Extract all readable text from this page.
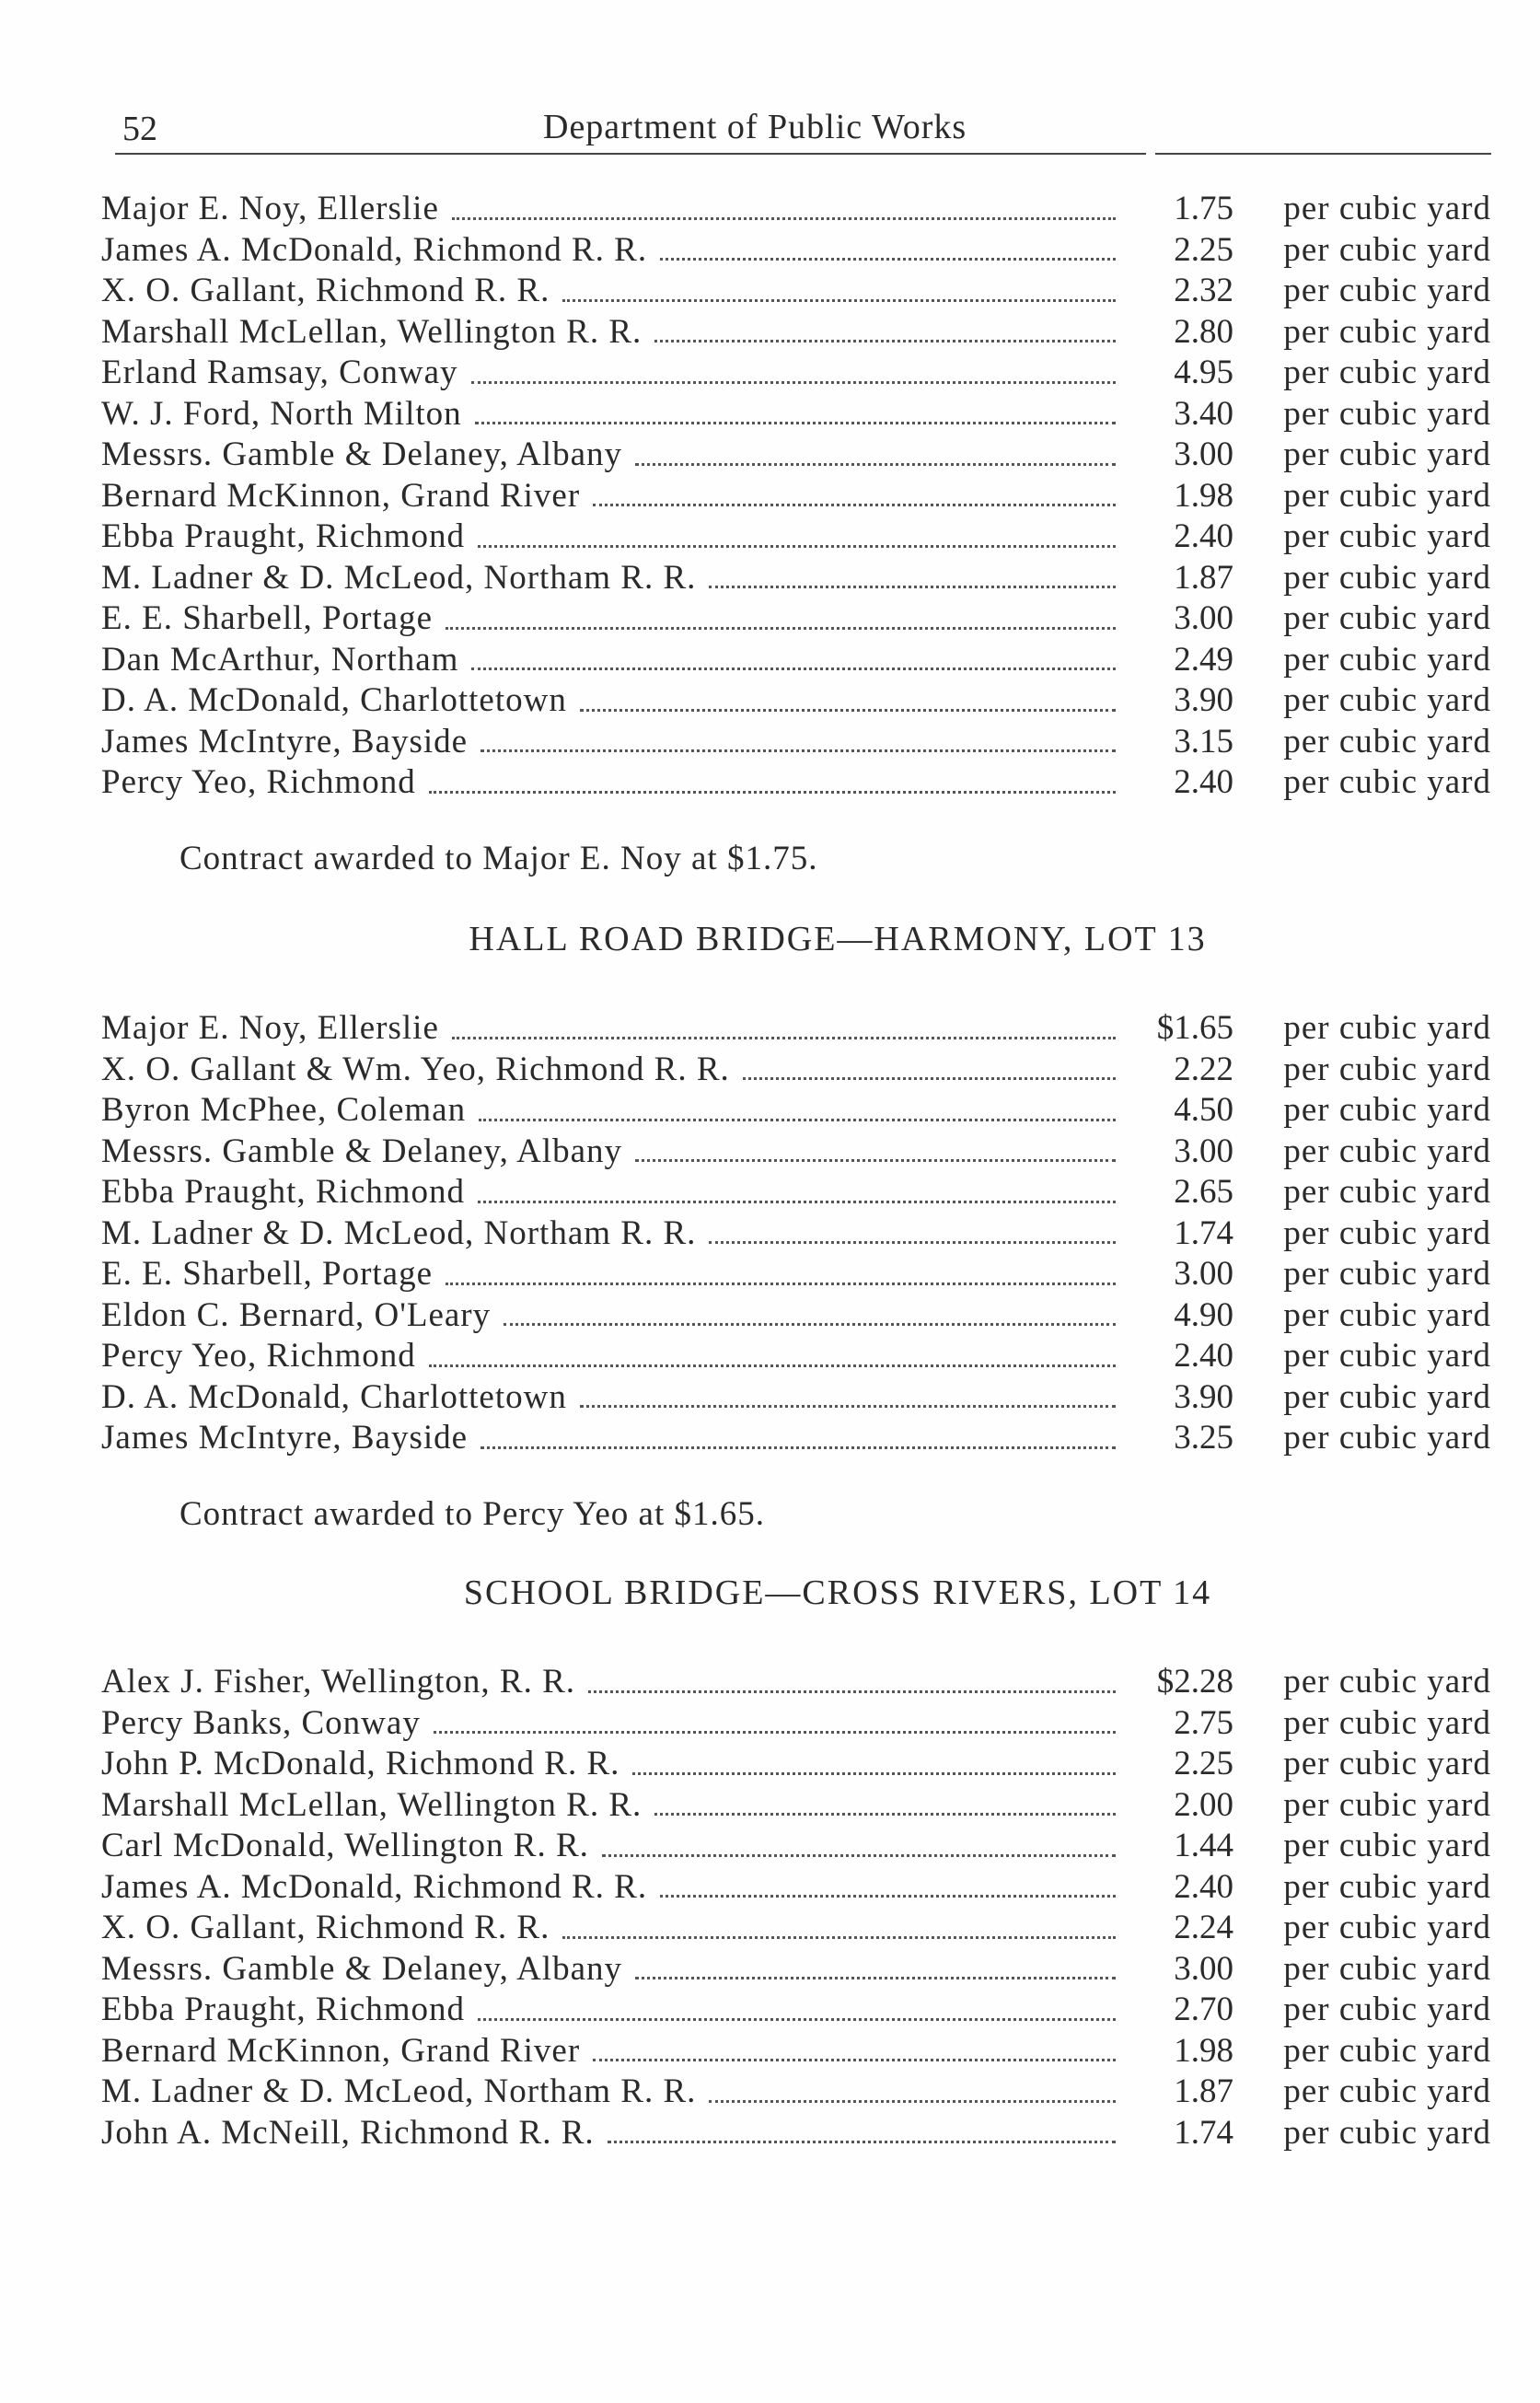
52	Department of Public Works
Major E. Noy, Ellerslie	1.75	per cubic yard
James A. McDonald, Richmond R. R.	2.25	per cubic yard
X. O. Gallant, Richmond R. R.	2.32	per cubic yard
Marshall McLellan, Wellington R. R.	2.80	per cubic yard
Erland Ramsay, Conway	4.95	per cubic yard
W. J. Ford, North Milton	3.40	per cubic yard
Messrs. Gamble & Delaney, Albany	3.00	per cubic yard
Bernard McKinnon, Grand River	1.98	per cubic yard
Ebba Praught, Richmond	2.40	per cubic yard
M. Ladner & D. McLeod, Northam R. R.	1.87	per cubic yard
E. E. Sharbell, Portage	3.00	per cubic yard
Dan McArthur, Northam	2.49	per cubic yard
D. A. McDonald, Charlottetown	3.90	per cubic yard
James McIntyre, Bayside	3.15	per cubic yard
Percy Yeo, Richmond	2.40	per cubic yard
Contract awarded to Major E. Noy at $1.75.
HALL ROAD BRIDGE—HARMONY, LOT 13
Major E. Noy, Ellerslie	$1.65	per cubic yard
X. O. Gallant & Wm. Yeo, Richmond R. R.	2.22	per cubic yard
Byron McPhee, Coleman	4.50	per cubic yard
Messrs. Gamble & Delaney, Albany	3.00	per cubic yard
Ebba Praught, Richmond	2.65	per cubic yard
M. Ladner & D. McLeod, Northam R. R.	1.74	per cubic yard
E. E. Sharbell, Portage	3.00	per cubic yard
Eldon C. Bernard, O'Leary	4.90	per cubic yard
Percy Yeo, Richmond	2.40	per cubic yard
D. A. McDonald, Charlottetown	3.90	per cubic yard
James McIntyre, Bayside	3.25	per cubic yard
Contract awarded to Percy Yeo at $1.65.
SCHOOL BRIDGE—CROSS RIVERS, LOT 14
Alex J. Fisher, Wellington, R. R.	$2.28	per cubic yard
Percy Banks, Conway	2.75	per cubic yard
John P. McDonald, Richmond R. R.	2.25	per cubic yard
Marshall McLellan, Wellington R. R.	2.00	per cubic yard
Carl McDonald, Wellington R. R.	1.44	per cubic yard
James A. McDonald, Richmond R. R.	2.40	per cubic yard
X. O. Gallant, Richmond R. R.	2.24	per cubic yard
Messrs. Gamble & Delaney, Albany	3.00	per cubic yard
Ebba Praught, Richmond	2.70	per cubic yard
Bernard McKinnon, Grand River	1.98	per cubic yard
M. Ladner & D. McLeod, Northam R. R.	1.87	per cubic yard
John A. McNeill, Richmond R. R.	1.74	per cubic yard
